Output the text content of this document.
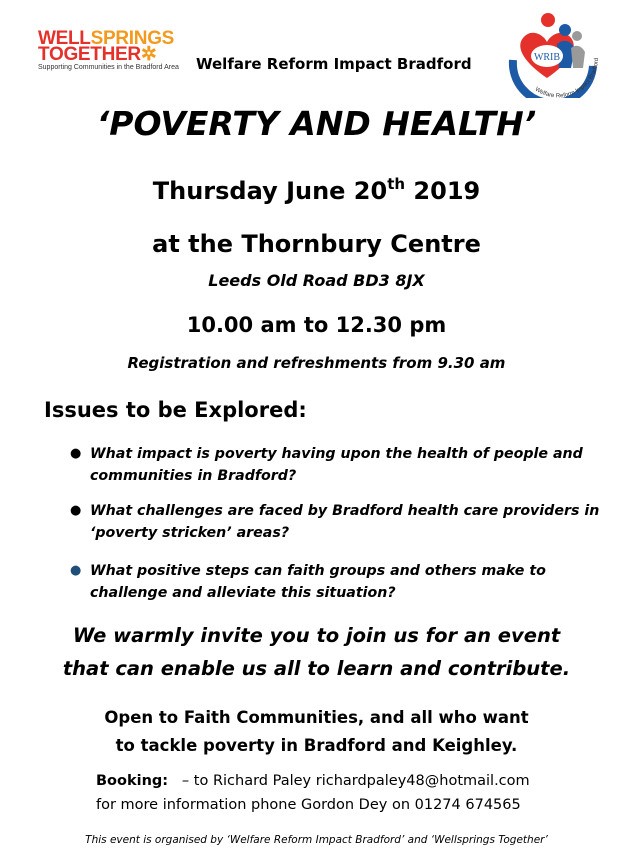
WELLSPRINGS
TOGETHER✲
Supporting Communities in the Bradford Area	Welfare Reform Impact Bradford	WRIB
Welfare Reform Impact Bradford
‘POVERTY AND HEALTH’
Thursday June 20th 2019
at the Thornbury Centre
Leeds Old Road BD3 8JX
10.00 am to 12.30 pm
Registration and refreshments from 9.30 am
Issues to be Explored:
● What impact is poverty having upon the health of people and communities in Bradford?
● What challenges are faced by Bradford health care providers in ‘poverty stricken’ areas?
● What positive steps can faith groups and others make to challenge and alleviate this situation?
We warmly invite you to join us for an event
that can enable us all to learn and contribute.
Open to Faith Communities, and all who want
to tackle poverty in Bradford and Keighley.
Booking: – to Richard Paley richardpaley48@hotmail.com
for more information phone Gordon Dey on 01274 674565
This event is organised by ‘Welfare Reform Impact Bradford’ and ‘Wellsprings Together’
